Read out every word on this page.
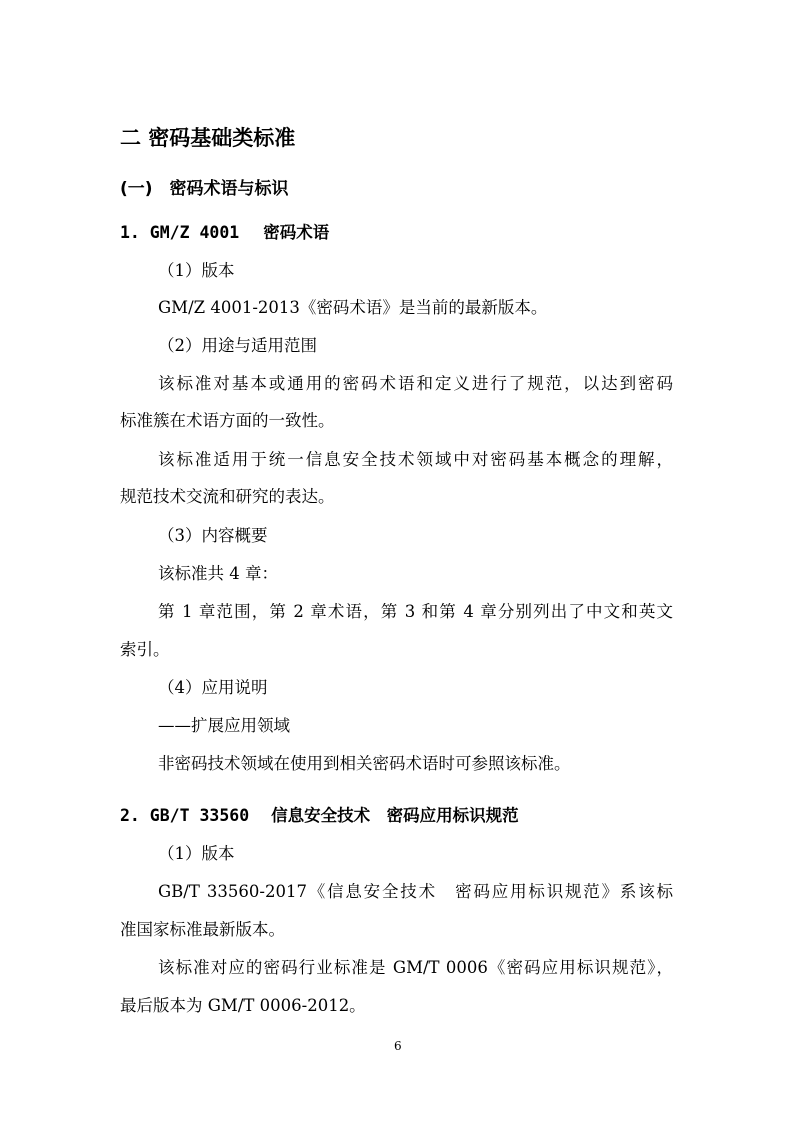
二 密码基础类标准
(一)　密码术语与标识
1. GM/Z 4001 密码术语
（1）版本
GM/Z 4001-2013《密码术语》是当前的最新版本。
（2）用途与适用范围
该标准对基本或通用的密码术语和定义进行了规范，以达到密码
标准簇在术语方面的一致性。
该标准适用于统一信息安全技术领域中对密码基本概念的理解，
规范技术交流和研究的表达。
（3）内容概要
该标准共 4 章：
第 1 章范围，第 2 章术语，第 3 和第 4 章分别列出了中文和英文
索引。
（4）应用说明
——扩展应用领域
非密码技术领域在使用到相关密码术语时可参照该标准。
2. GB/T 33560 信息安全技术　密码应用标识规范
（1）版本
GB/T 33560-2017《信息安全技术　密码应用标识规范》系该标
准国家标准最新版本。
该标准对应的密码行业标准是 GM/T 0006《密码应用标识规范》，
最后版本为 GM/T 0006-2012。
6
